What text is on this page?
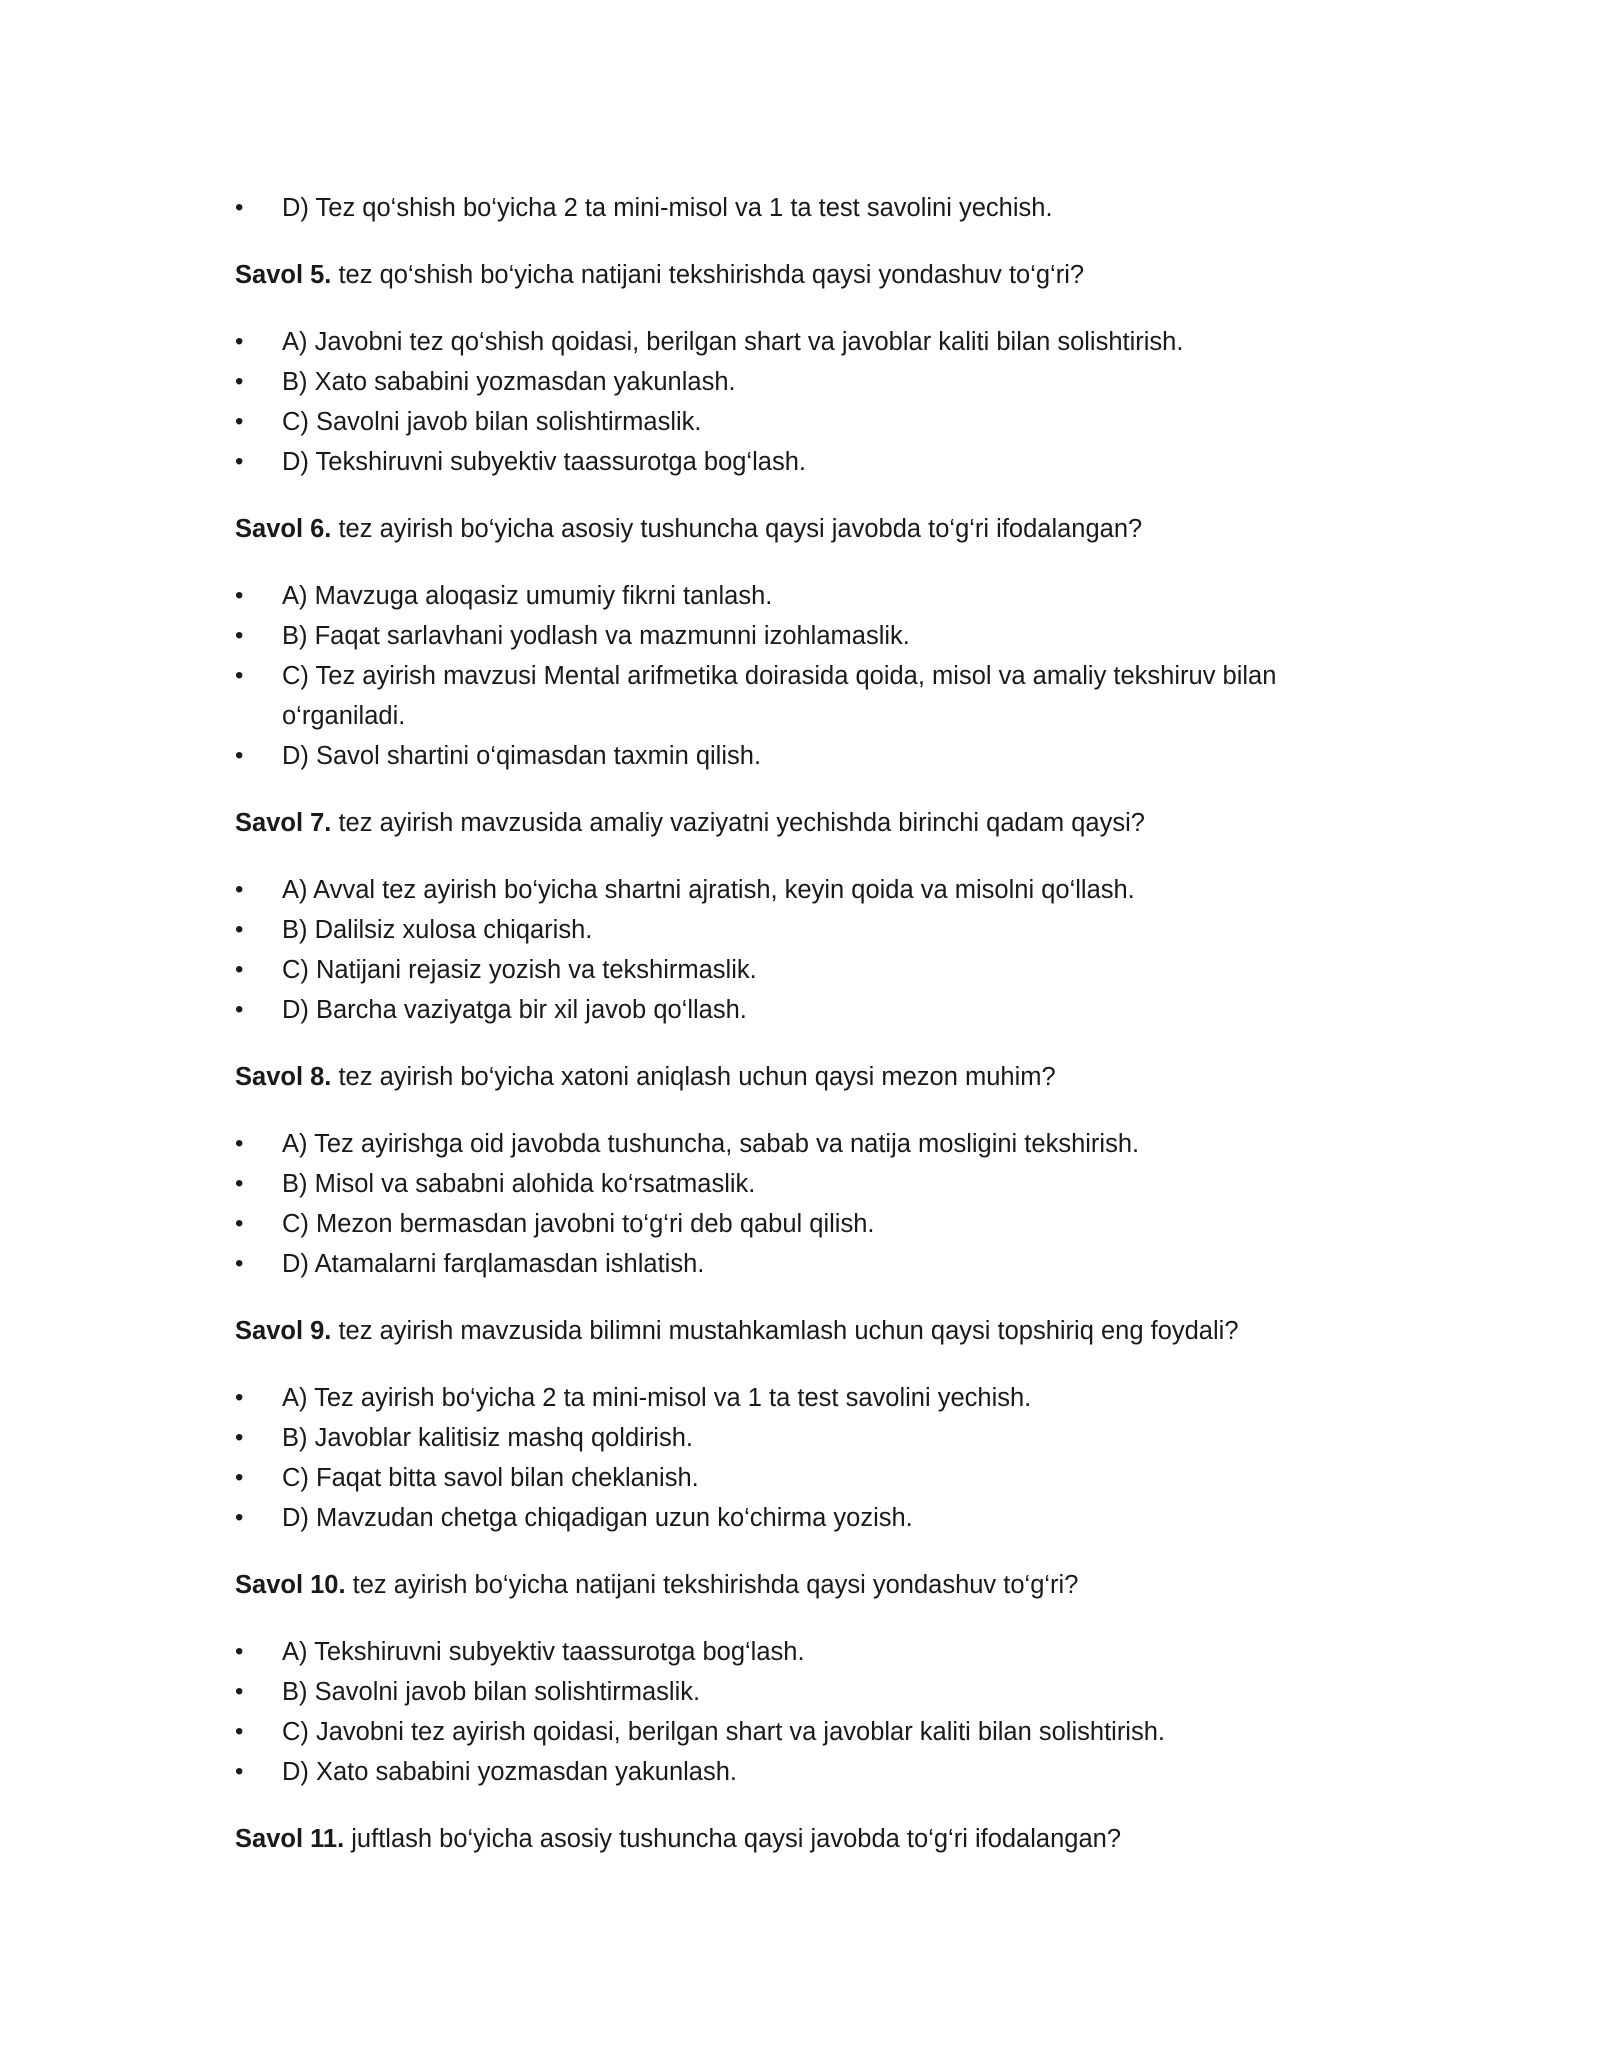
•	D) Tez qo‘shish bo‘yicha 2 ta mini-misol va 1 ta test savolini yechish.

Savol 5. tez qo‘shish bo‘yicha natijani tekshirishda qaysi yondashuv to‘g‘ri?

•	A) Javobni tez qo‘shish qoidasi, berilgan shart va javoblar kaliti bilan solishtirish.
•	B) Xato sababini yozmasdan yakunlash.
•	C) Savolni javob bilan solishtirmaslik.
•	D) Tekshiruvni subyektiv taassurotga bog‘lash.

Savol 6. tez ayirish bo‘yicha asosiy tushuncha qaysi javobda to‘g‘ri ifodalangan?

•	A) Mavzuga aloqasiz umumiy fikrni tanlash.
•	B) Faqat sarlavhani yodlash va mazmunni izohlamaslik.
•	C) Tez ayirish mavzusi Mental arifmetika doirasida qoida, misol va amaliy tekshiruv bilan o‘rganiladi.
•	D) Savol shartini o‘qimasdan taxmin qilish.

Savol 7. tez ayirish mavzusida amaliy vaziyatni yechishda birinchi qadam qaysi?

•	A) Avval tez ayirish bo‘yicha shartni ajratish, keyin qoida va misolni qo‘llash.
•	B) Dalilsiz xulosa chiqarish.
•	C) Natijani rejasiz yozish va tekshirmaslik.
•	D) Barcha vaziyatga bir xil javob qo‘llash.

Savol 8. tez ayirish bo‘yicha xatoni aniqlash uchun qaysi mezon muhim?

•	A) Tez ayirishga oid javobda tushuncha, sabab va natija mosligini tekshirish.
•	B) Misol va sababni alohida ko‘rsatmaslik.
•	C) Mezon bermasdan javobni to‘g‘ri deb qabul qilish.
•	D) Atamalarni farqlamasdan ishlatish.

Savol 9. tez ayirish mavzusida bilimni mustahkamlash uchun qaysi topshiriq eng foydali?

•	A) Tez ayirish bo‘yicha 2 ta mini-misol va 1 ta test savolini yechish.
•	B) Javoblar kalitisiz mashq qoldirish.
•	C) Faqat bitta savol bilan cheklanish.
•	D) Mavzudan chetga chiqadigan uzun ko‘chirma yozish.

Savol 10. tez ayirish bo‘yicha natijani tekshirishda qaysi yondashuv to‘g‘ri?

•	A) Tekshiruvni subyektiv taassurotga bog‘lash.
•	B) Savolni javob bilan solishtirmaslik.
•	C) Javobni tez ayirish qoidasi, berilgan shart va javoblar kaliti bilan solishtirish.
•	D) Xato sababini yozmasdan yakunlash.

Savol 11. juftlash bo‘yicha asosiy tushuncha qaysi javobda to‘g‘ri ifodalangan?
